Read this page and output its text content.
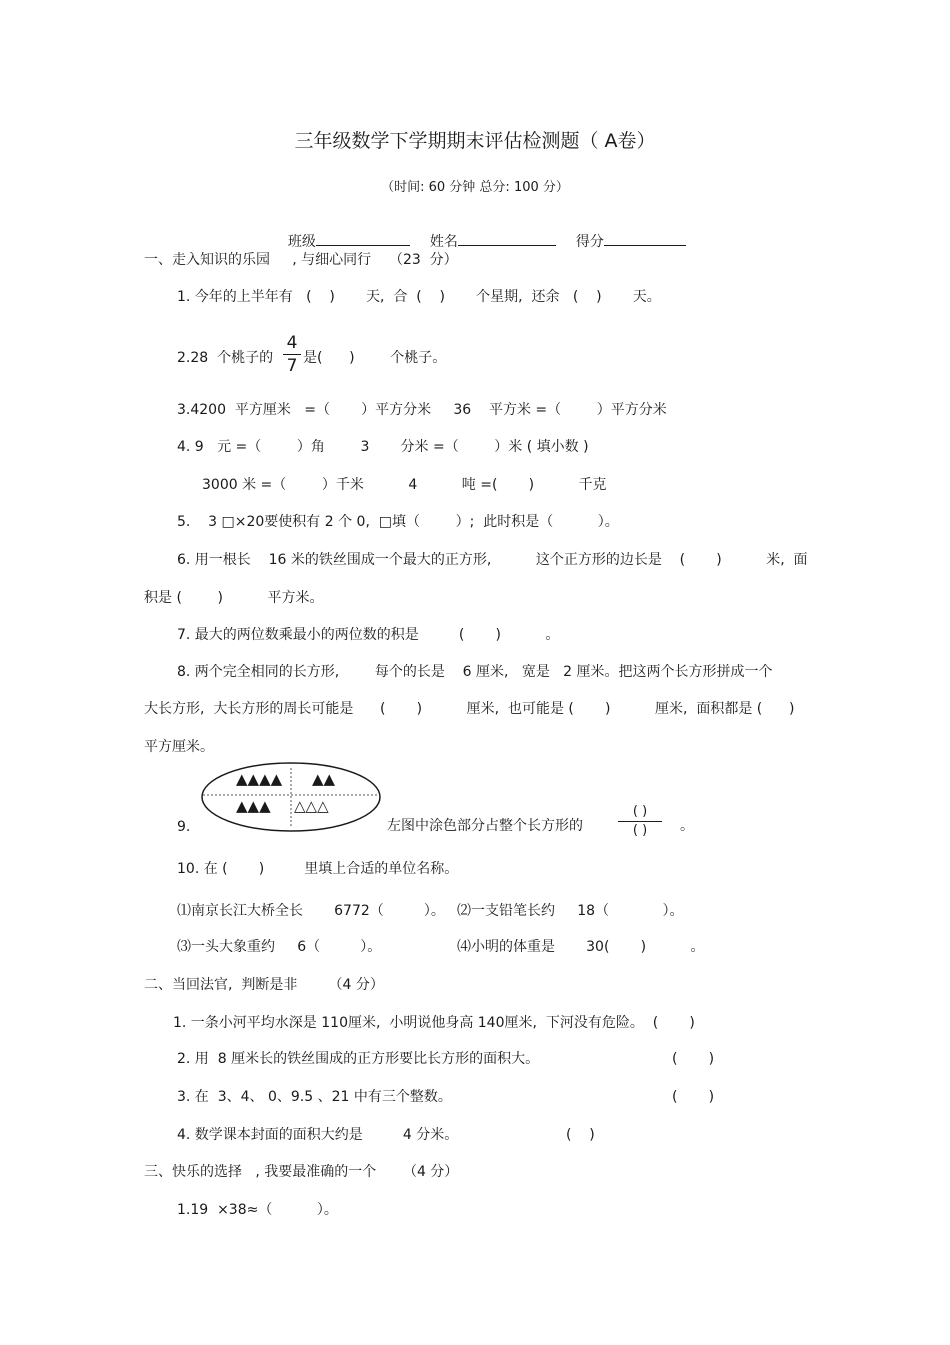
三年级数学下学期期末评估检测题（ A卷）
（时间: 60 分钟 总分: 100 分）

班级	姓名	得分

一、走入知识的乐园     , 与细心同行    （23  分）
1. 今年的上半年有   (    )       天,  合  (    )       个星期,  还余   (    )       天。
2.28  个桃子的
4
7 是(      )        个桃子。
3.4200  平方厘米   =（       ）平方分米     36    平方米 =（        ）平方分米
4. 9   元 =（        ）角        3       分米 =（        ）米 ( 填小数 )
3000 米 =（        ）千米          4          吨 =(       )          千克
5.    3 □×20要使积有 2 个 0,  □填（        ）;  此时积是（          ）。
6. 用一根长    16 米的铁丝围成一个最大的正方形,          这个正方形的边长是    (       )          米,  面
积是 (        )          平方米。
7. 最大的两位数乘最小的两位数的积是         (       )          。
8. 两个完全相同的长方形,        每个的长是    6 厘米,   宽是   2 厘米。把这两个长方形拼成一个
大长方形,  大长方形的周长可能是      (       )          厘米,  也可能是 (       )          厘米,  面积都是 (      )
平方厘米。
9.
▲▲▲▲ ▲▲
▲▲▲ △△△
左图中涂色部分占整个长方形的
( )
( )	。
10. 在 (       )         里填上合适的单位名称。
⑴南京长江大桥全长       6772（         ）。 ⑵一支铅笔长约     18（            ）。
⑶一头大象重约     6（         ）。	⑷小明的体重是       30(       )          。
二、当回法官,  判断是非       （4 分）
1. 一条小河平均水深是 110厘米,  小明说他身高 140厘米,  下河没有危险。  (       )
2. 用  8 厘米长的铁丝围成的正方形要比长方形的面积大。	(       )
3. 在  3、4、 0、9.5 、21 中有三个整数。	(       )
4. 数学课本封面的面积大约是         4 分米。	(    )
三、快乐的选择   , 我要最准确的一个      （4 分）
1.19  ×38≈（          ）。
